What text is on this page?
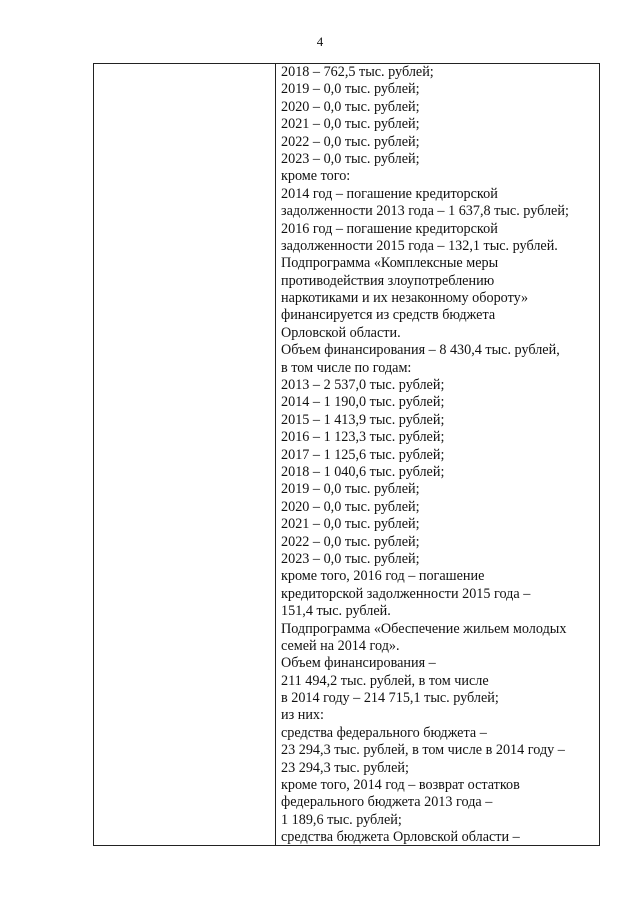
4
2018 – 762,5 тыс. рублей;
2019 – 0,0 тыс. рублей;
2020 – 0,0 тыс. рублей;
2021 – 0,0 тыс. рублей;
2022 – 0,0 тыс. рублей;
2023 – 0,0 тыс. рублей;
кроме того:
2014 год – погашение кредиторской
задолженности 2013 года – 1 637,8 тыс. рублей;
2016 год – погашение кредиторской
задолженности 2015 года – 132,1 тыс. рублей.
Подпрограмма «Комплексные меры
противодействия злоупотреблению
наркотиками и их незаконному обороту»
финансируется из средств бюджета
Орловской области.
Объем финансирования – 8 430,4 тыс. рублей,
в том числе по годам:
2013 – 2 537,0 тыс. рублей;
2014 – 1 190,0 тыс. рублей;
2015 – 1 413,9 тыс. рублей;
2016 – 1 123,3 тыс. рублей;
2017 – 1 125,6 тыс. рублей;
2018 – 1 040,6 тыс. рублей;
2019 – 0,0 тыс. рублей;
2020 – 0,0 тыс. рублей;
2021 – 0,0 тыс. рублей;
2022 – 0,0 тыс. рублей;
2023 – 0,0 тыс. рублей;
кроме того, 2016 год – погашение
кредиторской задолженности 2015 года –
151,4 тыс. рублей.
Подпрограмма «Обеспечение жильем молодых
семей на 2014 год».
Объем финансирования –
211 494,2 тыс. рублей, в том числе
в 2014 году – 214 715,1 тыс. рублей;
из них:
средства федерального бюджета –
23 294,3 тыс. рублей, в том числе в 2014 году –
23 294,3 тыс. рублей;
кроме того, 2014 год – возврат остатков
федерального бюджета 2013 года –
1 189,6 тыс. рублей;
средства бюджета Орловской области –
